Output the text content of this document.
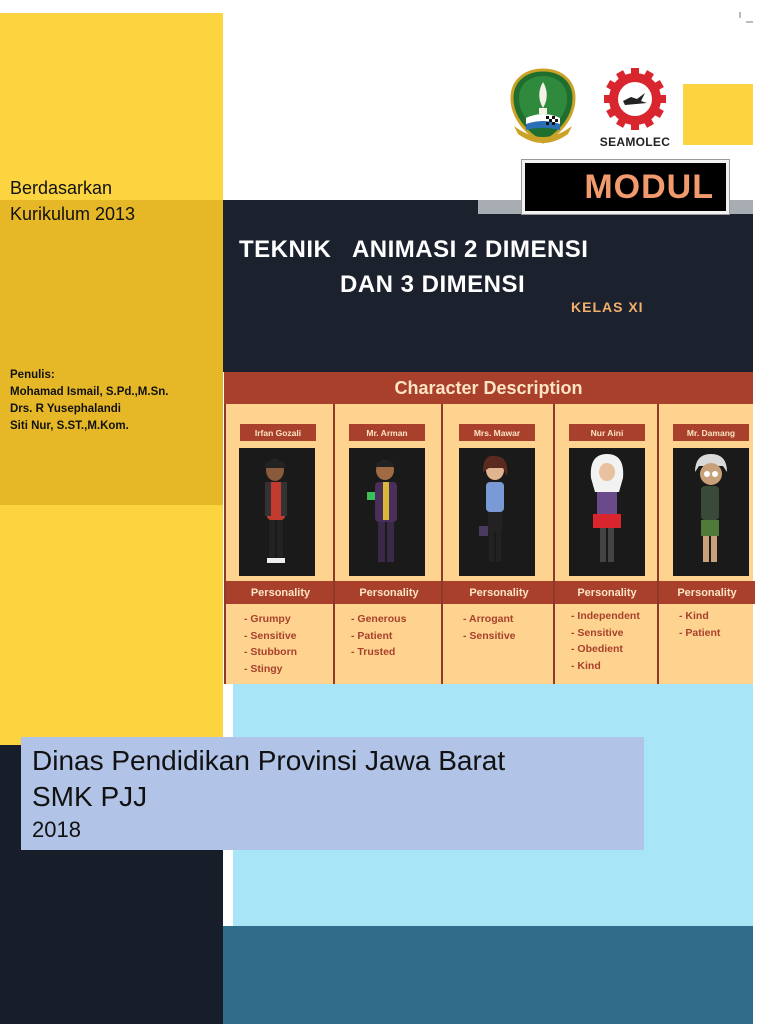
Berdasarkan
Kurikulum 2013
Penulis:
Mohamad Ismail, S.Pd.,M.Sn.
Drs. R Yusephalandi
Siti Nur, S.ST.,M.Kom.
SEAMOLEC
MODUL
TEKNIK   ANIMASI 2 DIMENSI
DAN 3 DIMENSI
KELAS XI
Character Description
Irfan Gozali
Personality
- Grumpy
- Sensitive
- Stubborn
- Stingy
Mr. Arman
Personality
- Generous
- Patient
- Trusted
Mrs. Mawar
Personality
- Arrogant
- Sensitive
Nur Aini
Personality
- Independent
- Sensitive
- Obedient
- Kind
Mr. Damang
Personality
- Kind
- Patient
Dinas Pendidikan Provinsi Jawa Barat
SMK PJJ
2018
